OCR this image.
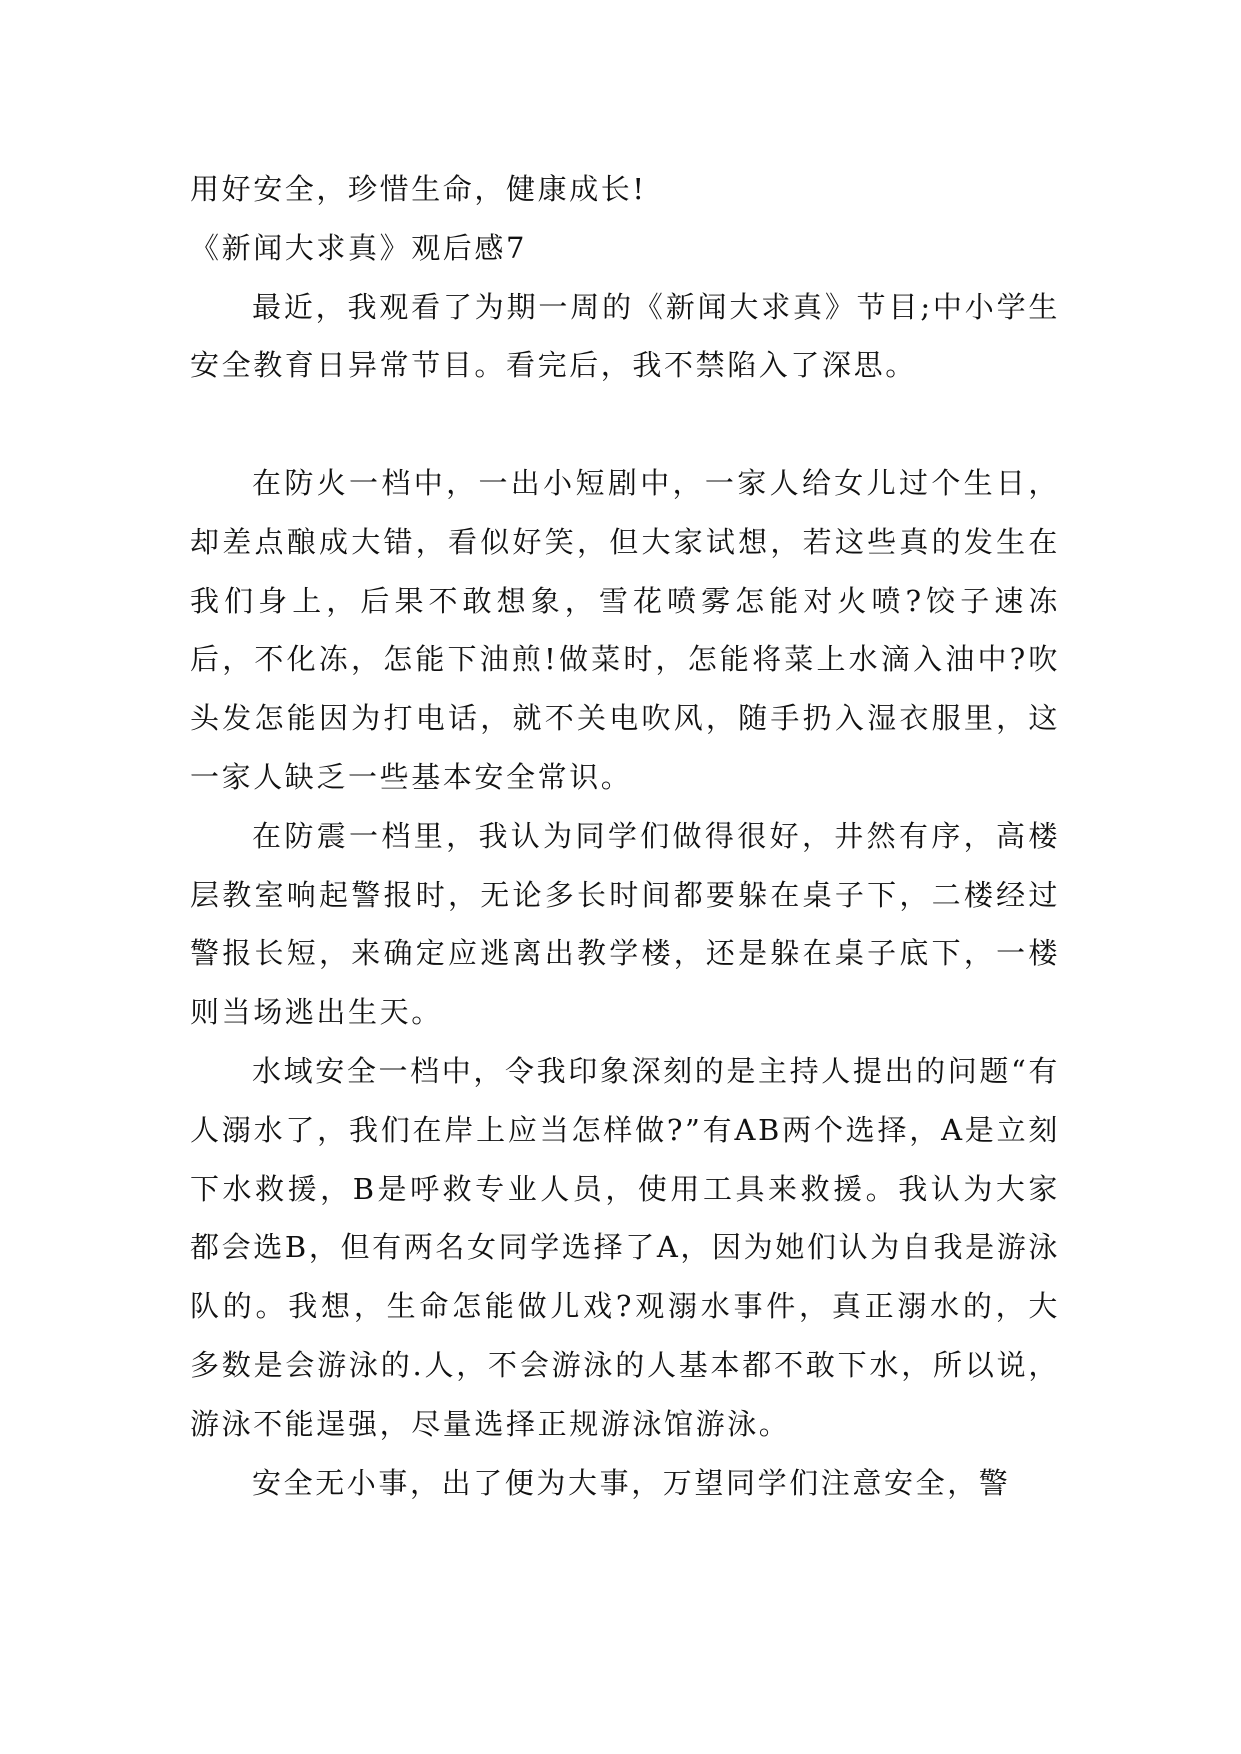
用好安全，珍惜生命，健康成长!

《新闻大求真》观后感7

最近，我观看了为期一周的《新闻大求真》节目;中小学生安全教育日异常节目。看完后，我不禁陷入了深思。

在防火一档中，一出小短剧中，一家人给女儿过个生日，却差点酿成大错，看似好笑，但大家试想，若这些真的发生在我们身上，后果不敢想象，雪花喷雾怎能对火喷?饺子速冻后，不化冻，怎能下油煎!做菜时，怎能将菜上水滴入油中?吹头发怎能因为打电话，就不关电吹风，随手扔入湿衣服里，这一家人缺乏一些基本安全常识。

在防震一档里，我认为同学们做得很好，井然有序，高楼层教室响起警报时，无论多长时间都要躲在桌子下，二楼经过警报长短，来确定应逃离出教学楼，还是躲在桌子底下，一楼则当场逃出生天。

水域安全一档中，令我印象深刻的是主持人提出的问题“有人溺水了，我们在岸上应当怎样做?”有AB两个选择，A是立刻下水救援，B是呼救专业人员，使用工具来救援。我认为大家都会选B，但有两名女同学选择了A，因为她们认为自我是游泳队的。我想，生命怎能做儿戏?观溺水事件，真正溺水的，大多数是会游泳的.人，不会游泳的人基本都不敢下水，所以说，游泳不能逞强，尽量选择正规游泳馆游泳。

安全无小事，出了便为大事，万望同学们注意安全，警
